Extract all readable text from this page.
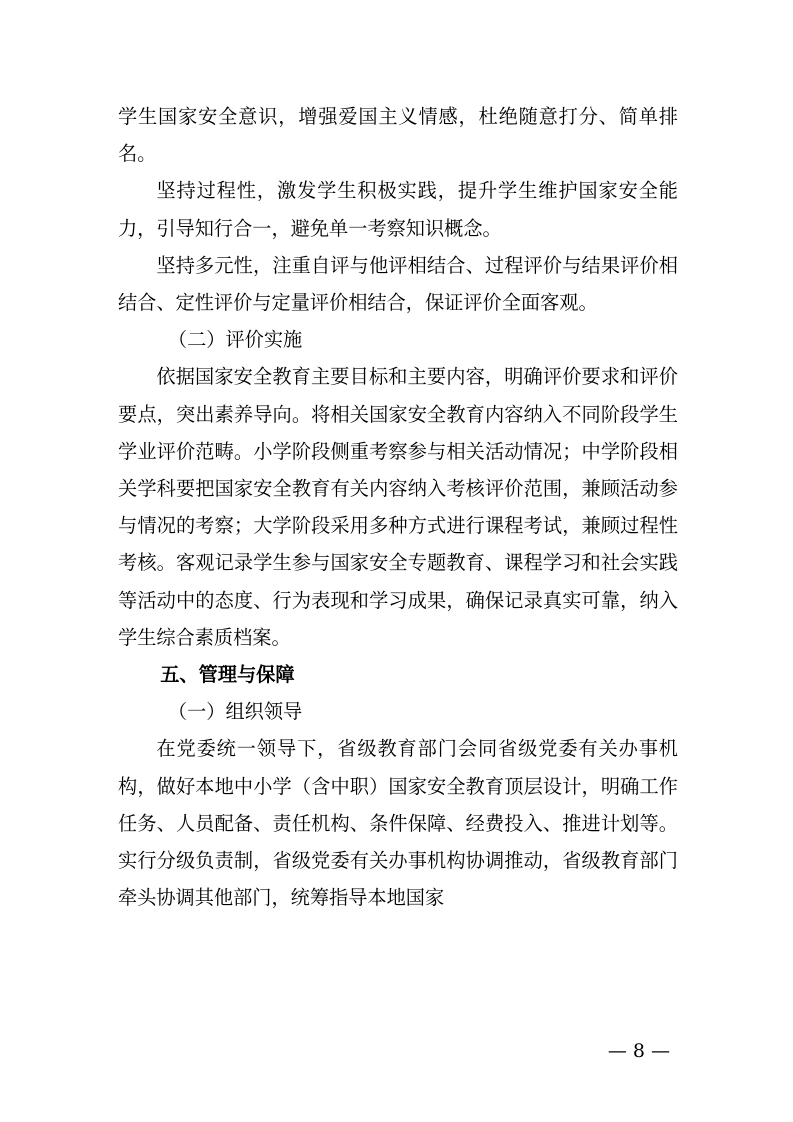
学生国家安全意识，增强爱国主义情感，杜绝随意打分、简单排名。

坚持过程性，激发学生积极实践，提升学生维护国家安全能力，引导知行合一，避免单一考察知识概念。

坚持多元性，注重自评与他评相结合、过程评价与结果评价相结合、定性评价与定量评价相结合，保证评价全面客观。

（二）评价实施

依据国家安全教育主要目标和主要内容，明确评价要求和评价要点，突出素养导向。将相关国家安全教育内容纳入不同阶段学生学业评价范畴。小学阶段侧重考察参与相关活动情况；中学阶段相关学科要把国家安全教育有关内容纳入考核评价范围，兼顾活动参与情况的考察；大学阶段采用多种方式进行课程考试，兼顾过程性考核。客观记录学生参与国家安全专题教育、课程学习和社会实践等活动中的态度、行为表现和学习成果，确保记录真实可靠，纳入学生综合素质档案。

五、管理与保障

（一）组织领导

在党委统一领导下，省级教育部门会同省级党委有关办事机构，做好本地中小学（含中职）国家安全教育顶层设计，明确工作任务、人员配备、责任机构、条件保障、经费投入、推进计划等。实行分级负责制，省级党委有关办事机构协调推动，省级教育部门牵头协调其他部门，统筹指导本地国家

— 8 —
